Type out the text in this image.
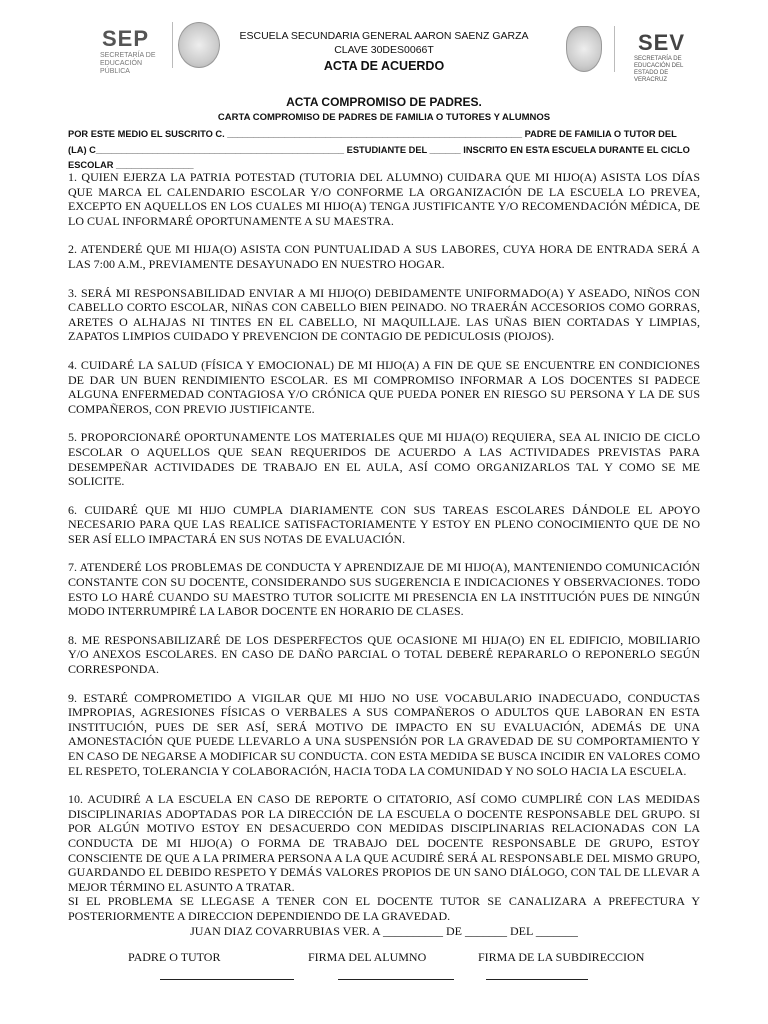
SEP
SECRETARÍA DE EDUCACIÓN PÚBLICA
SEV
SECRETARÍA DE EDUCACIÓN DEL ESTADO DE VERACRUZ
ESCUELA SECUNDARIA GENERAL AARON SAENZ GARZA
CLAVE 30DES0066T
ACTA DE ACUERDO
ACTA COMPROMISO DE PADRES.
CARTA COMPROMISO DE PADRES DE FAMILIA O TUTORES Y ALUMNOS
POR ESTE MEDIO EL SUSCRITO C. _________________________________________________________ PADRE DE FAMILIA O TUTOR DEL
(LA) C________________________________________________ ESTUDIANTE DEL ______ INSCRITO EN ESTA ESCUELA DURANTE EL CICLO
ESCOLAR _______________

1. QUIEN EJERZA LA PATRIA POTESTAD (TUTORIA DEL ALUMNO) CUIDARA QUE MI HIJO(A) ASISTA LOS DÍAS QUE MARCA EL CALENDARIO ESCOLAR Y/O CONFORME LA ORGANIZACIÓN DE LA ESCUELA LO PREVEA, EXCEPTO EN AQUELLOS EN LOS CUALES MI HIJO(A) TENGA JUSTIFICANTE Y/O RECOMENDACIÓN MÉDICA, DE LO CUAL INFORMARÉ OPORTUNAMENTE A SU MAESTRA.

2. ATENDERÉ QUE MI HIJA(O) ASISTA CON PUNTUALIDAD A SUS LABORES, CUYA HORA DE ENTRADA SERÁ A LAS 7:00 A.M., PREVIAMENTE DESAYUNADO EN NUESTRO HOGAR.

3. SERÁ MI RESPONSABILIDAD ENVIAR A MI HIJO(O) DEBIDAMENTE UNIFORMADO(A) Y ASEADO, NIÑOS CON CABELLO CORTO ESCOLAR, NIÑAS CON CABELLO BIEN PEINADO. NO TRAERÁN ACCESORIOS COMO GORRAS, ARETES O ALHAJAS NI TINTES EN EL CABELLO, NI MAQUILLAJE. LAS UÑAS BIEN CORTADAS Y LIMPIAS, ZAPATOS LIMPIOS CUIDADO Y PREVENCION DE CONTAGIO DE PEDICULOSIS (PIOJOS).

4. CUIDARÉ LA SALUD (FÍSICA Y EMOCIONAL) DE MI HIJO(A) A FIN DE QUE SE ENCUENTRE EN CONDICIONES DE DAR UN BUEN RENDIMIENTO ESCOLAR. ES MI COMPROMISO INFORMAR A LOS DOCENTES SI PADECE ALGUNA ENFERMEDAD CONTAGIOSA Y/O CRÓNICA QUE PUEDA PONER EN RIESGO SU PERSONA Y LA DE SUS COMPAÑEROS, CON PREVIO JUSTIFICANTE.

5. PROPORCIONARÉ OPORTUNAMENTE LOS MATERIALES QUE MI HIJA(O) REQUIERA, SEA AL INICIO DE CICLO ESCOLAR O AQUELLOS QUE SEAN REQUERIDOS DE ACUERDO A LAS ACTIVIDADES PREVISTAS PARA DESEMPEÑAR ACTIVIDADES DE TRABAJO EN EL AULA, ASÍ COMO ORGANIZARLOS TAL Y COMO SE ME SOLICITE.

6. CUIDARÉ QUE MI HIJO CUMPLA DIARIAMENTE CON SUS TAREAS ESCOLARES DÁNDOLE EL APOYO NECESARIO PARA QUE LAS REALICE SATISFACTORIAMENTE Y ESTOY EN PLENO CONOCIMIENTO QUE DE NO SER ASÍ ELLO IMPACTARÁ EN SUS NOTAS DE EVALUACIÓN.

7. ATENDERÉ LOS PROBLEMAS DE CONDUCTA Y APRENDIZAJE DE MI HIJO(A), MANTENIENDO COMUNICACIÓN CONSTANTE CON SU DOCENTE, CONSIDERANDO SUS SUGERENCIA E INDICACIONES Y OBSERVACIONES. TODO ESTO LO HARÉ CUANDO SU MAESTRO TUTOR SOLICITE MI PRESENCIA EN LA INSTITUCIÓN PUES DE NINGÚN MODO INTERRUMPIRÉ LA LABOR DOCENTE EN HORARIO DE CLASES.

8. ME RESPONSABILIZARÉ DE LOS DESPERFECTOS QUE OCASIONE MI HIJA(O) EN EL EDIFICIO, MOBILIARIO Y/O ANEXOS ESCOLARES. EN CASO DE DAÑO PARCIAL O TOTAL DEBERÉ REPARARLO O REPONERLO SEGÚN CORRESPONDA.

9. ESTARÉ COMPROMETIDO A VIGILAR QUE MI HIJO NO USE VOCABULARIO INADECUADO, CONDUCTAS IMPROPIAS, AGRESIONES FÍSICAS O VERBALES A SUS COMPAÑEROS O ADULTOS QUE LABORAN EN ESTA INSTITUCIÓN, PUES DE SER ASÍ, SERÁ MOTIVO DE IMPACTO EN SU EVALUACIÓN, ADEMÁS DE UNA AMONESTACIÓN QUE PUEDE LLEVARLO A UNA SUSPENSIÓN POR LA GRAVEDAD DE SU COMPORTAMIENTO Y EN CASO DE NEGARSE A MODIFICAR SU CONDUCTA. CON ESTA MEDIDA SE BUSCA INCIDIR EN VALORES COMO EL RESPETO, TOLERANCIA Y COLABORACIÓN, HACIA TODA LA COMUNIDAD Y NO SOLO HACIA LA ESCUELA.

10. ACUDIRÉ A LA ESCUELA EN CASO DE REPORTE O CITATORIO, ASÍ COMO CUMPLIRÉ CON LAS MEDIDAS DISCIPLINARIAS ADOPTADAS POR LA DIRECCIÓN DE LA ESCUELA O DOCENTE RESPONSABLE DEL GRUPO. SI POR ALGÚN MOTIVO ESTOY EN DESACUERDO CON MEDIDAS DISCIPLINARIAS RELACIONADAS CON LA CONDUCTA DE MI HIJO(A) O FORMA DE TRABAJO DEL DOCENTE RESPONSABLE DE GRUPO, ESTOY CONSCIENTE DE QUE A LA PRIMERA PERSONA A LA QUE ACUDIRÉ SERÁ AL RESPONSABLE DEL MISMO GRUPO, GUARDANDO EL DEBIDO RESPETO Y DEMÁS VALORES PROPIOS DE UN SANO DIÁLOGO, CON TAL DE LLEVAR A MEJOR TÉRMINO EL ASUNTO A TRATAR.

SI EL PROBLEMA SE LLEGASE A TENER CON EL DOCENTE TUTOR SE CANALIZARA A PREFECTURA Y POSTERIORMENTE A DIRECCION DEPENDIENDO DE LA GRAVEDAD.

JUAN DIAZ COVARRUBIAS VER. A __________ DE _______ DEL _______
PADRE O TUTOR	FIRMA DEL ALUMNO	FIRMA DE LA SUBDIRECCION
